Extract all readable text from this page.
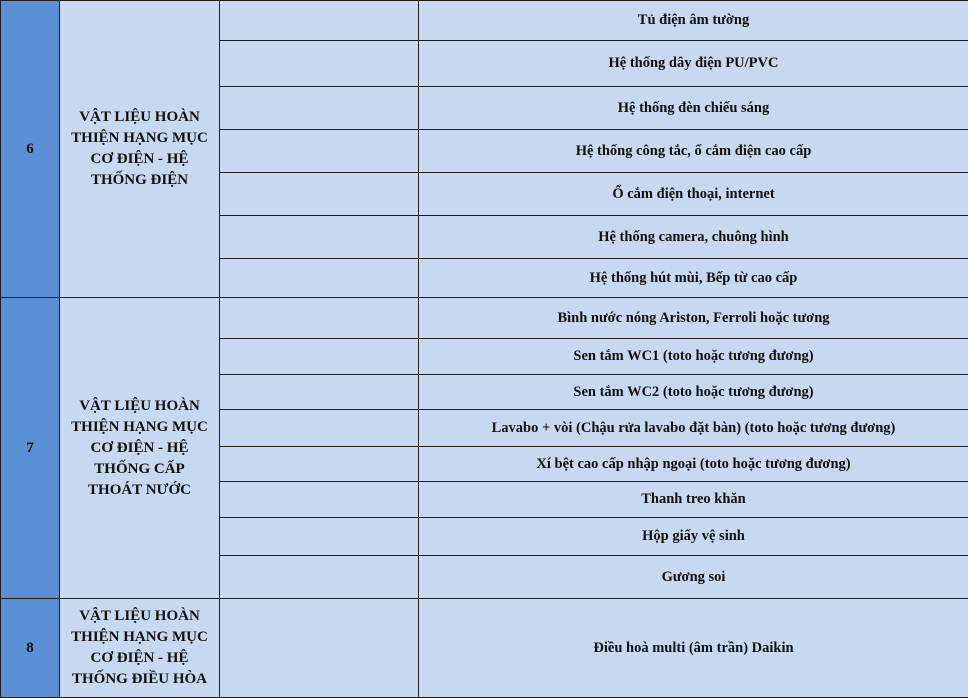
6	VẬT LIỆU HOÀN THIỆN HẠNG MỤC CƠ ĐIỆN - HỆ THỐNG ĐIỆN		Tủ điện âm tường
			Hệ thống dây điện PU/PVC
			Hệ thống đèn chiếu sáng
			Hệ thống công tắc, ổ cắm điện cao cấp
			Ổ cắm điện thoại, internet
			Hệ thống camera, chuông hình
			Hệ thống hút mùi, Bếp từ cao cấp
7	VẬT LIỆU HOÀN THIỆN HẠNG MỤC CƠ ĐIỆN - HỆ THỐNG CẤP THOÁT NƯỚC		Bình nước nóng Ariston, Ferroli hoặc tương
			Sen tắm WC1 (toto hoặc tương đương)
			Sen tắm WC2 (toto hoặc tương đương)
			Lavabo + vòi (Chậu rửa lavabo đặt bàn) (toto hoặc tương đương)
			Xí bệt cao cấp nhập ngoại (toto hoặc tương đương)
			Thanh treo khăn
			Hộp giấy vệ sinh
			Gương soi
8	VẬT LIỆU HOÀN THIỆN HẠNG MỤC CƠ ĐIỆN - HỆ THỐNG ĐIỀU HÒA		Điều hoà multi (âm trần) Daikin
